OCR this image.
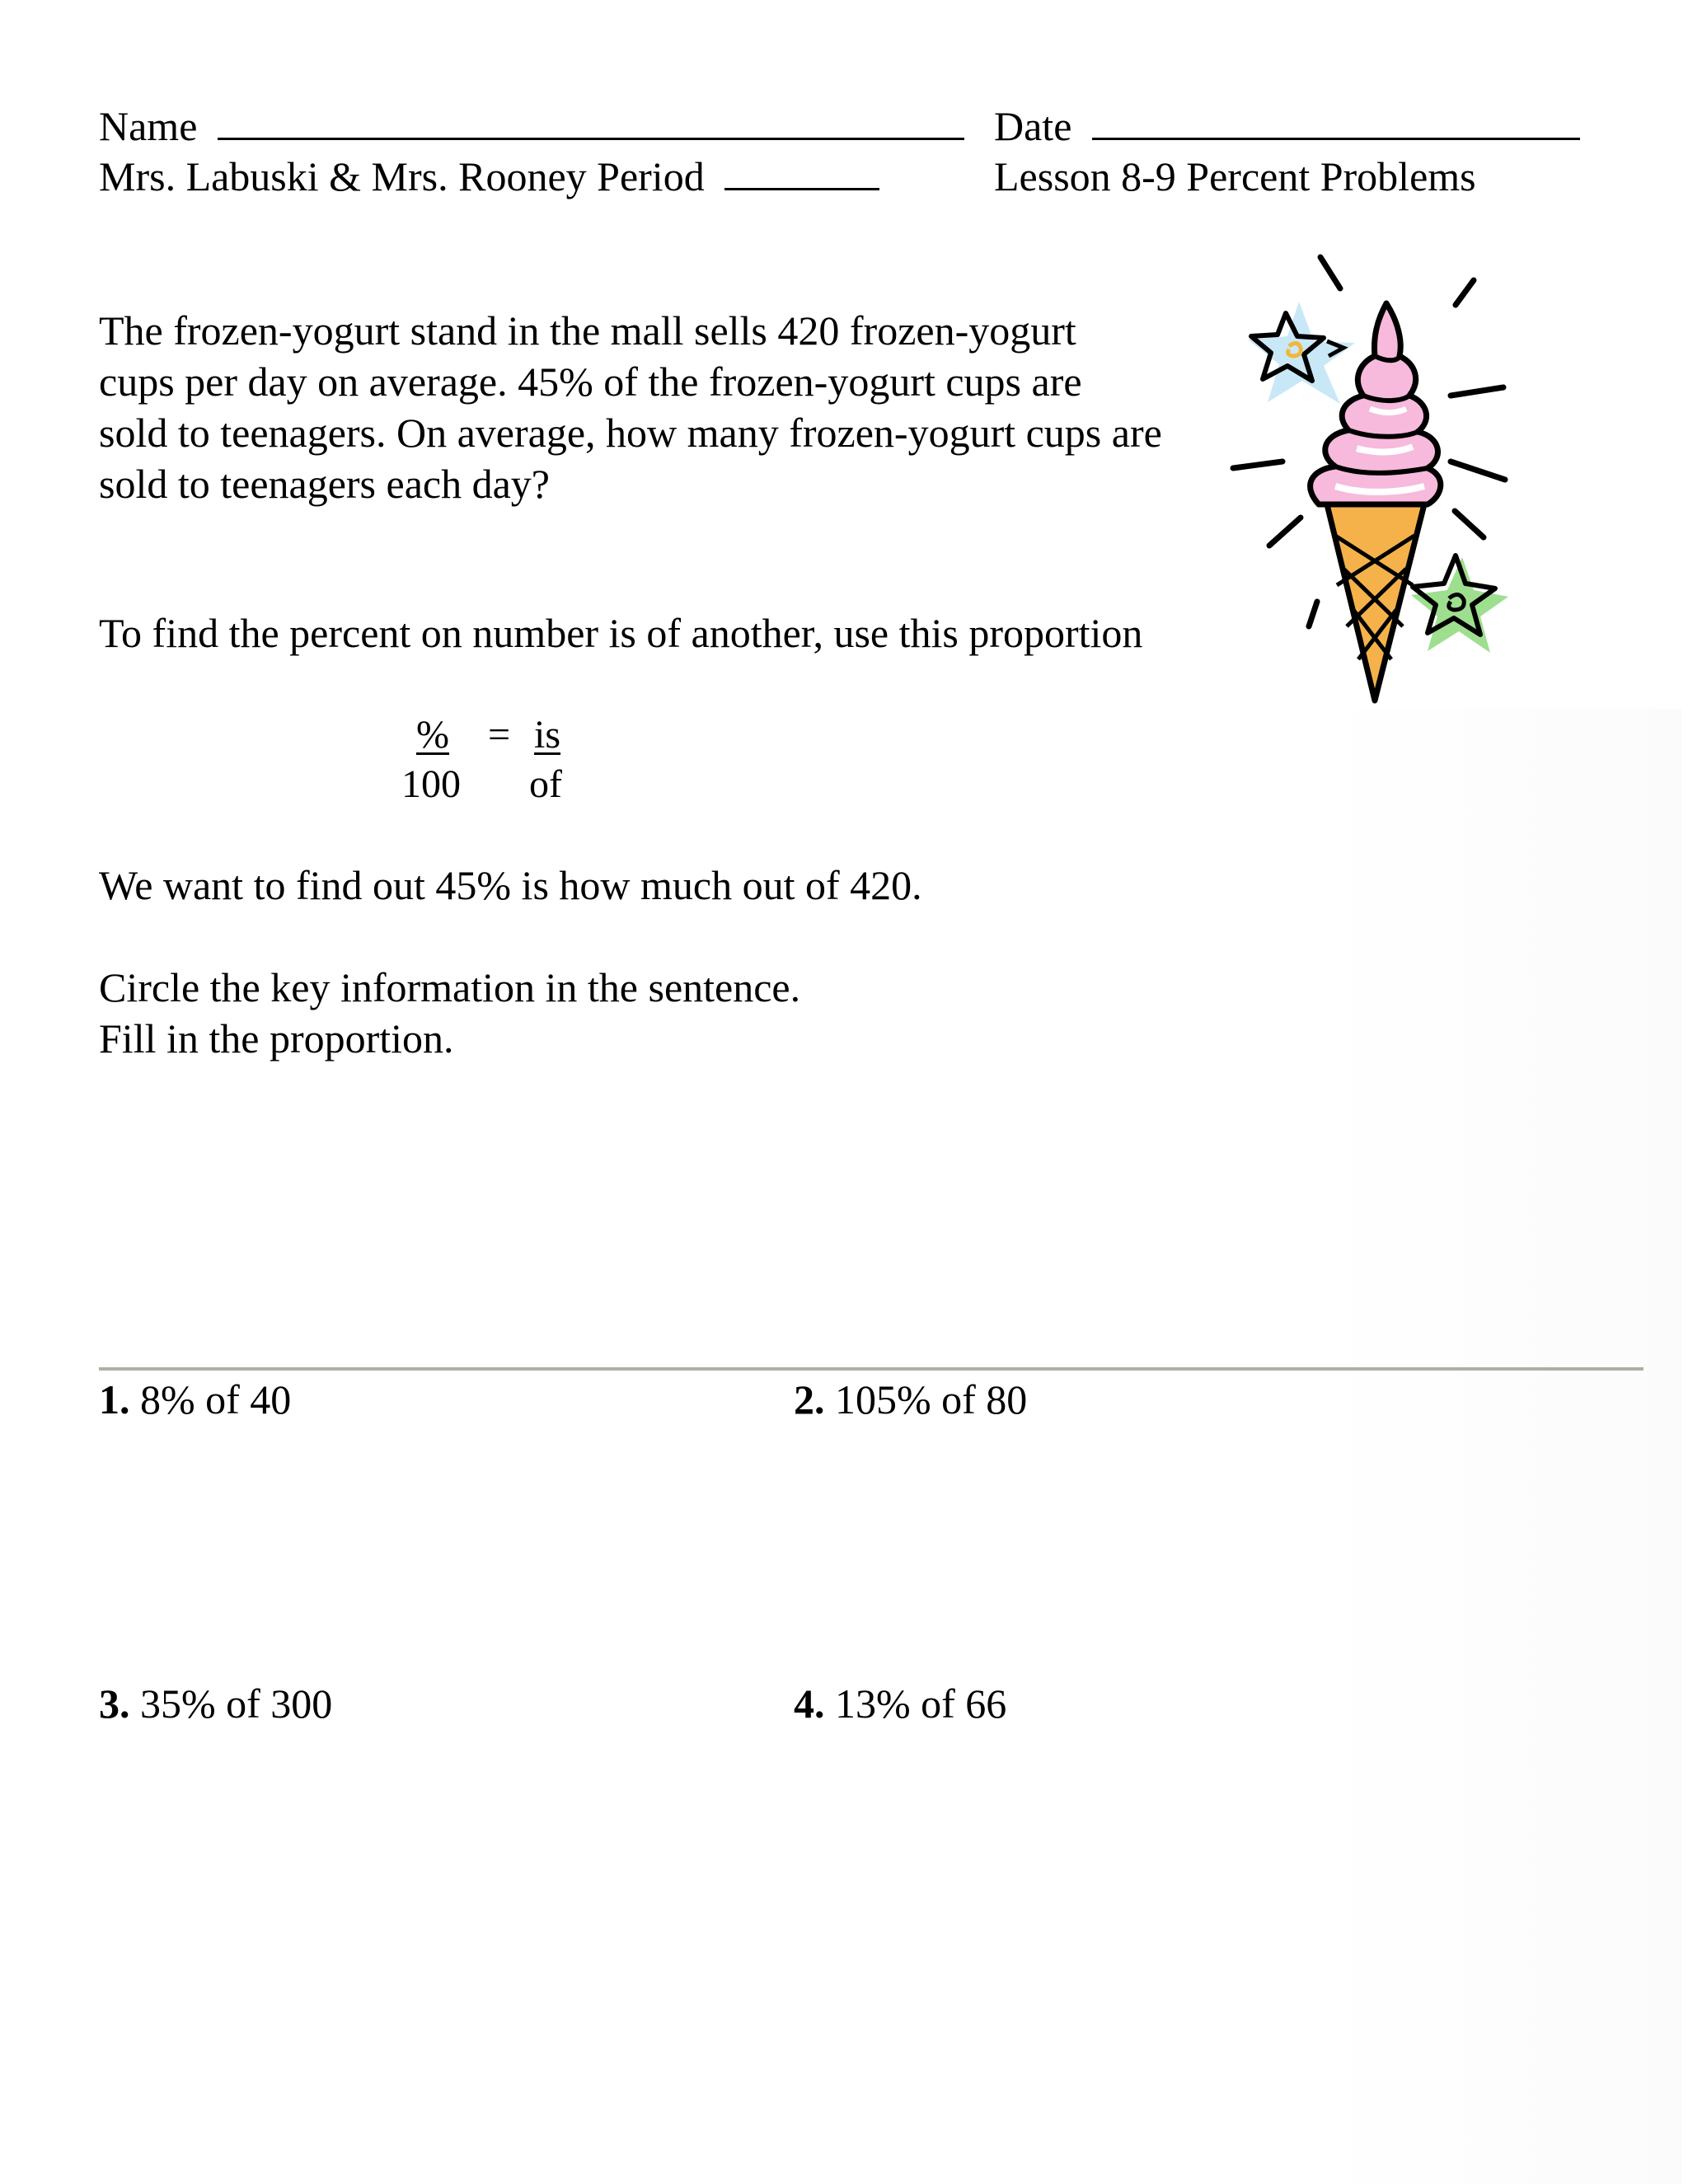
Name	Date
Mrs. Labuski & Mrs. Rooney Period	Lesson 8-9 Percent Problems
The frozen-yogurt stand in the mall sells 420 frozen-yogurt
cups per day on average. 45% of the frozen-yogurt cups are
sold to teenagers. On average, how many frozen-yogurt cups are
sold to teenagers each day?
To find the percent on number is of another, use this proportion
%
100
= is
of
We want to find out 45% is how much out of 420.
Circle the key information in the sentence.
Fill in the proportion.
1. 8% of 40	2. 105% of 80
3. 35% of 300	4. 13% of 66
